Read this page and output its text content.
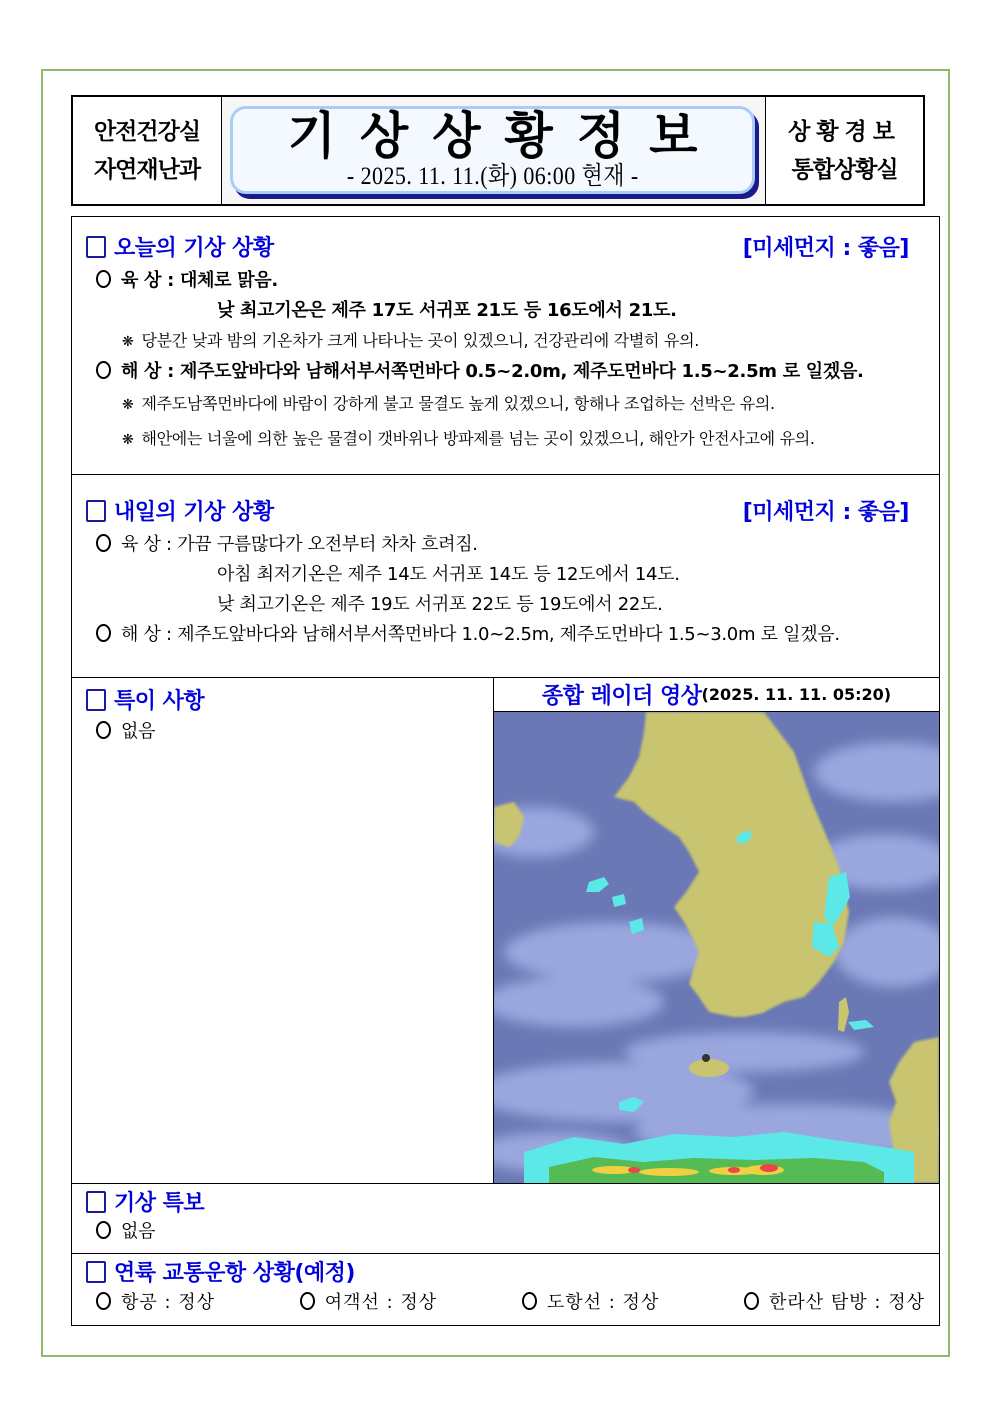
안전건강실
자연재난과
기상상황정보
- 2025. 11. 11.(화) 06:00 현재 -
상황경보
통합상황실
오늘의 기상 상황	[미세먼지 : 좋음]
육 상 : 대체로 맑음.
낮 최고기온은 제주 17도 서귀포 21도 등 16도에서 21도.
❋ 당분간 낮과 밤의 기온차가 크게 나타나는 곳이 있겠으니, 건강관리에 각별히 유의.
해 상 : 제주도앞바다와 남해서부서쪽먼바다 0.5~2.0m, 제주도먼바다 1.5~2.5m 로 일겠음.
❋ 제주도남쪽먼바다에 바람이 강하게 불고 물결도 높게 있겠으니, 항해나 조업하는 선박은 유의.
❋ 해안에는 너울에 의한 높은 물결이 갯바위나 방파제를 넘는 곳이 있겠으니, 해안가 안전사고에 유의.
내일의 기상 상황	[미세먼지 : 좋음]
육 상 : 가끔 구름많다가 오전부터 차차 흐려짐.
아침 최저기온은 제주 14도 서귀포 14도 등 12도에서 14도.
낮 최고기온은 제주 19도 서귀포 22도 등 19도에서 22도.
해 상 : 제주도앞바다와 남해서부서쪽먼바다 1.0~2.5m, 제주도먼바다 1.5~3.0m 로 일겠음.
특이 사항
없음
종합 레이더 영상 (2025. 11. 11. 05:20)
기상 특보
없음
연륙 교통운항 상황(예정)
항공 : 정상	여객선 : 정상	도항선 : 정상	한라산 탐방 : 정상
